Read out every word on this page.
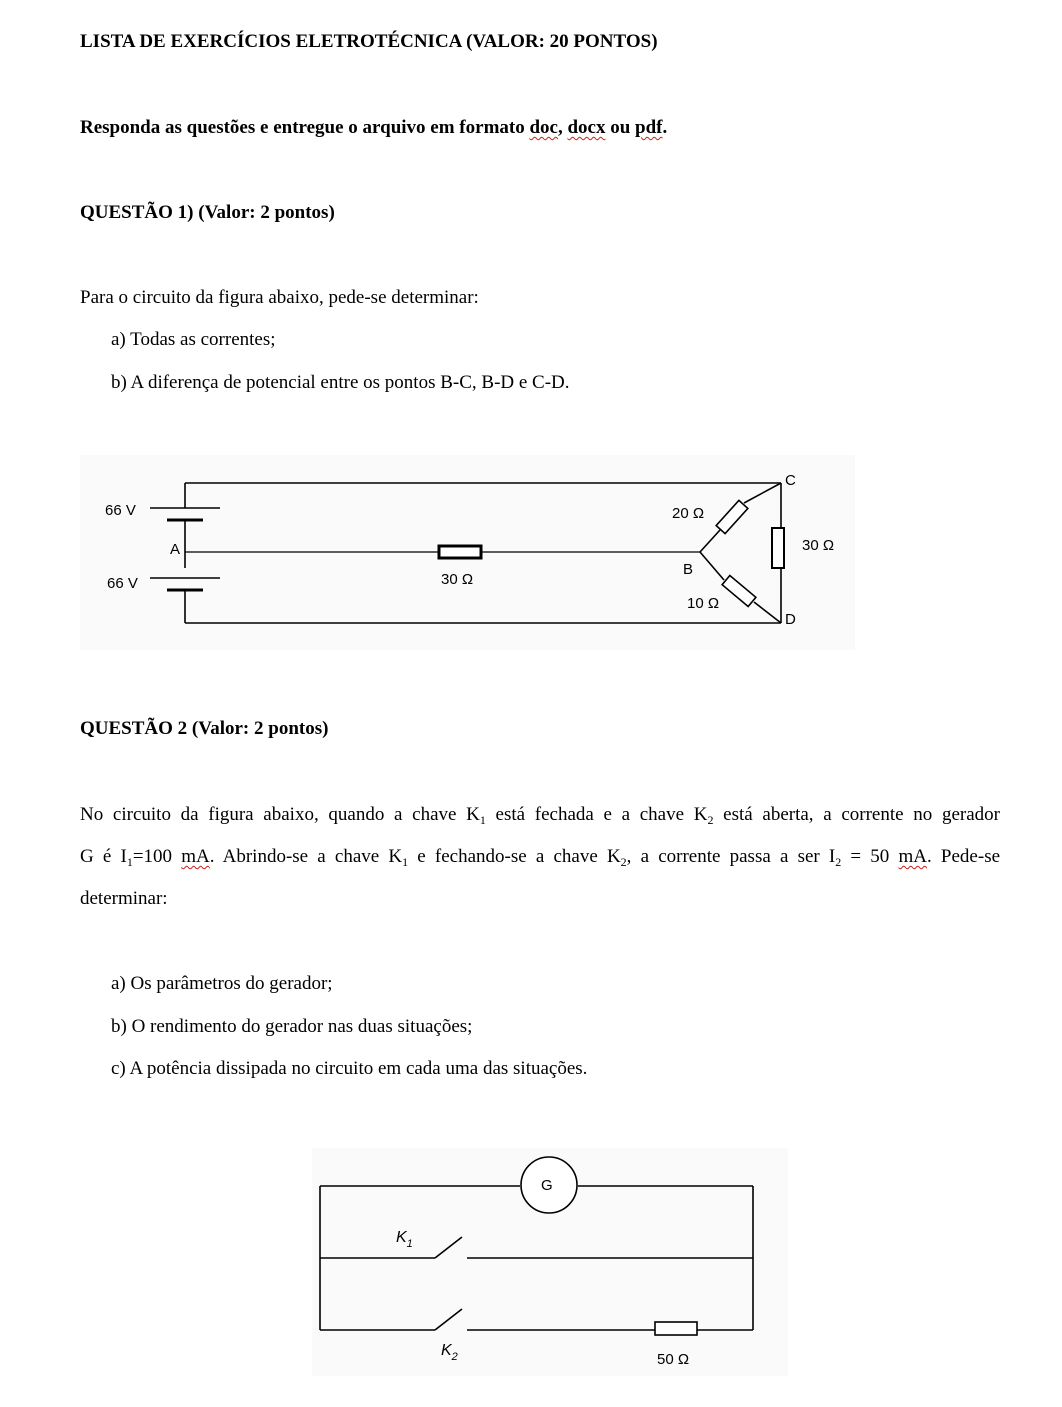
LISTA DE EXERCÍCIOS ELETROTÉCNICA (VALOR: 20 PONTOS)
Responda as questões e entregue o arquivo em formato doc, docx ou pdf.
QUESTÃO 1) (Valor: 2 pontos)
Para o circuito da figura abaixo, pede-se determinar:
a) Todas as correntes;
b) A diferença de potencial entre os pontos B-C, B-D e C-D.
66 V
66 V
A
30 Ω
20 Ω
B
10 Ω
C
D
30 Ω
QUESTÃO 2 (Valor: 2 pontos)
No circuito da figura abaixo, quando a chave $K_1$ está fechada e a chave $K_2$ está aberta, a corrente no gerador
G é $I_1=100$ mA. Abrindo-se a chave $K_1$ e fechando-se a chave $K_2$, a corrente passa a ser $I_2 = 50$ mA. Pede-se
determinar:
a) Os parâmetros do gerador;
b) O rendimento do gerador nas duas situações;
c) A potência dissipada no circuito em cada uma das situações.
G
$K_1$
$K_2$	50 Ω
